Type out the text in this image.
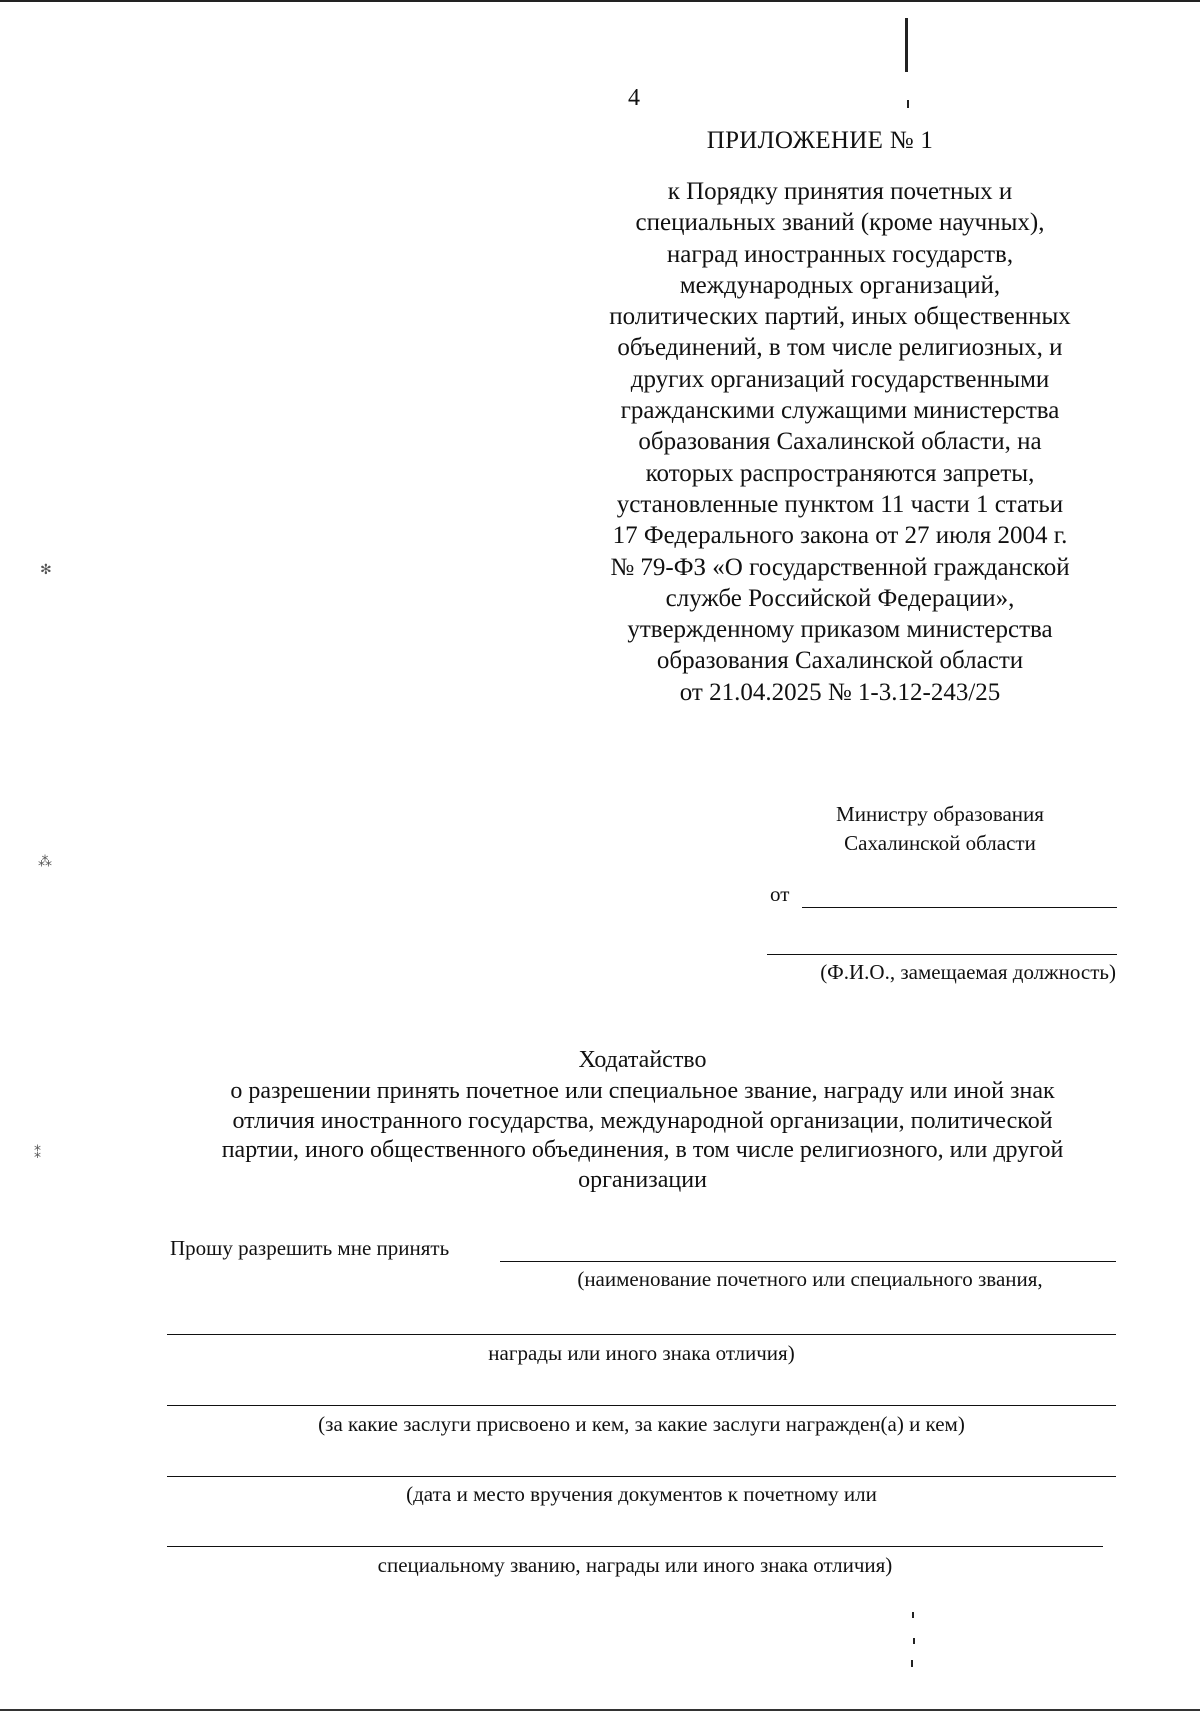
✻
⁂
⁑
4
ПРИЛОЖЕНИЕ № 1
к Порядку принятия почетных и
специальных званий (кроме научных),
наград иностранных государств,
международных организаций,
политических партий, иных общественных
объединений, в том числе религиозных, и
других организаций государственными
гражданскими служащими министерства
образования Сахалинской области, на
которых распространяются запреты,
установленные пунктом 11 части 1 статьи
17 Федерального закона от 27 июля 2004 г.
№ 79-ФЗ «О государственной гражданской
службе Российской Федерации»,
утвержденному приказом министерства
образования Сахалинской области
от 21.04.2025 № 1-3.12-243/25
Министру образования
Сахалинской области
от
(Ф.И.О., замещаемая должность)
Ходатайство
о разрешении принять почетное или специальное звание, награду или иной знак
отличия иностранного государства, международной организации, политической
партии, иного общественного объединения, в том числе религиозного, или другой
организации
Прошу разрешить мне принять
(наименование почетного или специального звания,
награды или иного знака отличия)
(за какие заслуги присвоено и кем, за какие заслуги награжден(а) и кем)
(дата и место вручения документов к почетному или
специальному званию, награды или иного знака отличия)
